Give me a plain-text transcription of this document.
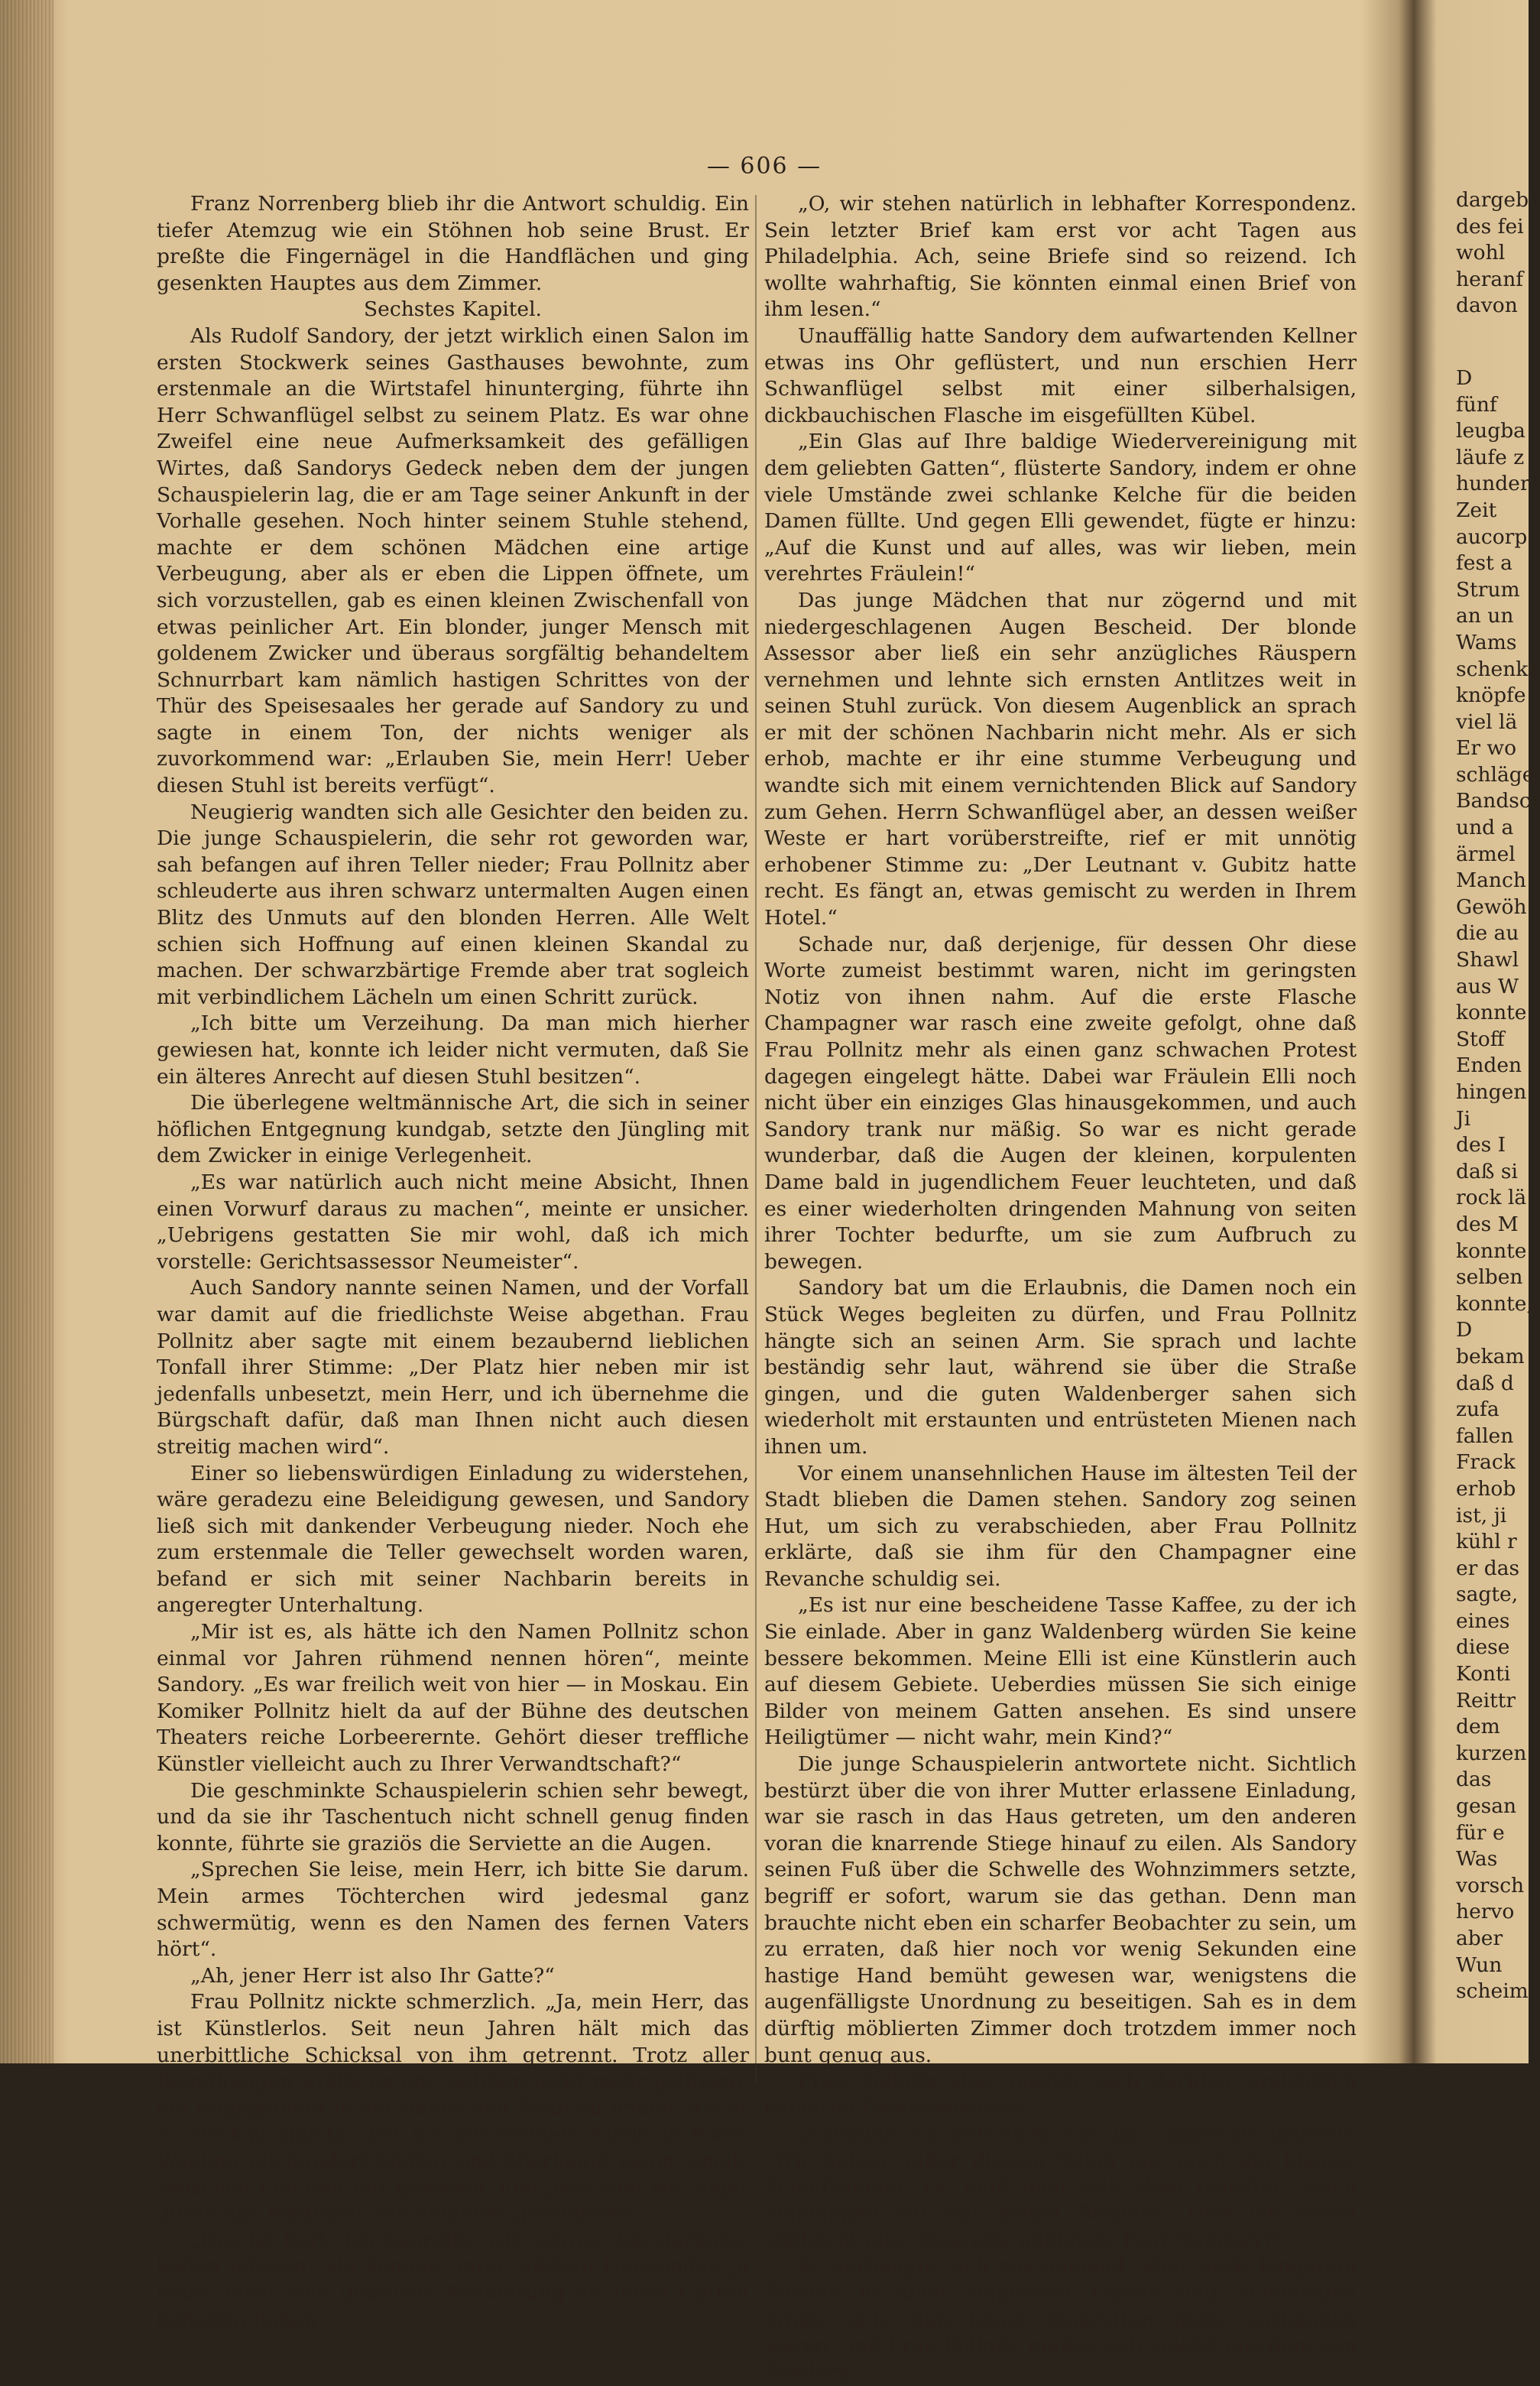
— 606 —

Franz Norrenberg blieb ihr die Antwort schuldig. Ein tiefer Atemzug wie ein Stöhnen hob seine Brust. Er preßte die Fingernägel in die Handflächen und ging gesenkten Hauptes aus dem Zimmer.

Sechstes Kapitel.

Als Rudolf Sandory, der jetzt wirklich einen Salon im ersten Stockwerk seines Gasthauses bewohnte, zum erstenmale an die Wirtstafel hinunterging, führte ihn Herr Schwanflügel selbst zu seinem Platz. Es war ohne Zweifel eine neue Aufmerksamkeit des gefälligen Wirtes, daß Sandorys Gedeck neben dem der jungen Schauspielerin lag, die er am Tage seiner Ankunft in der Vorhalle gesehen. Noch hinter seinem Stuhle stehend, machte er dem schönen Mädchen eine artige Verbeugung, aber als er eben die Lippen öffnete, um sich vorzustellen, gab es einen kleinen Zwischenfall von etwas peinlicher Art. Ein blonder, junger Mensch mit goldenem Zwicker und überaus sorgfältig behandeltem Schnurrbart kam nämlich hastigen Schrittes von der Thür des Speisesaales her gerade auf Sandory zu und sagte in einem Ton, der nichts weniger als zuvorkommend war: „Erlauben Sie, mein Herr! Ueber diesen Stuhl ist bereits verfügt“.

Neugierig wandten sich alle Gesichter den beiden zu. Die junge Schauspielerin, die sehr rot geworden war, sah befangen auf ihren Teller nieder; Frau Pollnitz aber schleuderte aus ihren schwarz untermalten Augen einen Blitz des Unmuts auf den blonden Herren. Alle Welt schien sich Hoffnung auf einen kleinen Skandal zu machen. Der schwarzbärtige Fremde aber trat sogleich mit verbindlichem Lächeln um einen Schritt zurück.

„Ich bitte um Verzeihung. Da man mich hierher gewiesen hat, konnte ich leider nicht vermuten, daß Sie ein älteres Anrecht auf diesen Stuhl besitzen“.

Die überlegene weltmännische Art, die sich in seiner höflichen Entgegnung kundgab, setzte den Jüngling mit dem Zwicker in einige Verlegenheit.

„Es war natürlich auch nicht meine Absicht, Ihnen einen Vorwurf daraus zu machen“, meinte er unsicher. „Uebrigens gestatten Sie mir wohl, daß ich mich vorstelle: Gerichtsassessor Neumeister“.

Auch Sandory nannte seinen Namen, und der Vorfall war damit auf die friedlichste Weise abgethan. Frau Pollnitz aber sagte mit einem bezaubernd lieblichen Tonfall ihrer Stimme: „Der Platz hier neben mir ist jedenfalls unbesetzt, mein Herr, und ich übernehme die Bürgschaft dafür, daß man Ihnen nicht auch diesen streitig machen wird“.

Einer so liebenswürdigen Einladung zu widerstehen, wäre geradezu eine Beleidigung gewesen, und Sandory ließ sich mit dankender Verbeugung nieder. Noch ehe zum erstenmale die Teller gewechselt worden waren, befand er sich mit seiner Nachbarin bereits in angeregter Unterhaltung.

„Mir ist es, als hätte ich den Namen Pollnitz schon einmal vor Jahren rühmend nennen hören“, meinte Sandory. „Es war freilich weit von hier — in Moskau. Ein Komiker Pollnitz hielt da auf der Bühne des deutschen Theaters reiche Lorbeerernte. Gehört dieser treffliche Künstler vielleicht auch zu Ihrer Verwandtschaft?“

Die geschminkte Schauspielerin schien sehr bewegt, und da sie ihr Taschentuch nicht schnell genug finden konnte, führte sie graziös die Serviette an die Augen.

„Sprechen Sie leise, mein Herr, ich bitte Sie darum. Mein armes Töchterchen wird jedesmal ganz schwermütig, wenn es den Namen des fernen Vaters hört“.

„Ah, jener Herr ist also Ihr Gatte?“

Frau Pollnitz nickte schmerzlich. „Ja, mein Herr, das ist Künstlerlos. Seit neun Jahren hält mich das unerbittliche Schicksal von ihm getrennt. Trotz aller Bemühungen wollte es uns seitdem nicht mehr gelingen, ein Engagement in der nämlichen Stadt zu finden. Als er in Moskau spielte, war ich mit meinem Kinde in Wien. Weniger als hundert Meilen sind überhaupt kaum jemals zwischen ihm und mir gewesen, und jetzt sind wir sogar durch das Weltmeer von einander geschieden“.

„Das ist hart. Ich begreife, wie schwer Sie darunter leiden müssen. Sie können unter solchen Umständen ja kaum noch eine deutliche Erinnerung an Ihren Gatten behalten haben“.

„O, wir stehen natürlich in lebhafter Korrespondenz. Sein letzter Brief kam erst vor acht Tagen aus Philadelphia. Ach, seine Briefe sind so reizend. Ich wollte wahrhaftig, Sie könnten einmal einen Brief von ihm lesen.“

Unauffällig hatte Sandory dem aufwartenden Kellner etwas ins Ohr geflüstert, und nun erschien Herr Schwanflügel selbst mit einer silberhalsigen, dickbauchischen Flasche im eisgefüllten Kübel.

„Ein Glas auf Ihre baldige Wiedervereinigung mit dem geliebten Gatten“, flüsterte Sandory, indem er ohne viele Umstände zwei schlanke Kelche für die beiden Damen füllte. Und gegen Elli gewendet, fügte er hinzu: „Auf die Kunst und auf alles, was wir lieben, mein verehrtes Fräulein!“

Das junge Mädchen that nur zögernd und mit niedergeschlagenen Augen Bescheid. Der blonde Assessor aber ließ ein sehr anzügliches Räuspern vernehmen und lehnte sich ernsten Antlitzes weit in seinen Stuhl zurück. Von diesem Augenblick an sprach er mit der schönen Nachbarin nicht mehr. Als er sich erhob, machte er ihr eine stumme Verbeugung und wandte sich mit einem vernichtenden Blick auf Sandory zum Gehen. Herrn Schwanflügel aber, an dessen weißer Weste er hart vorüberstreifte, rief er mit unnötig erhobener Stimme zu: „Der Leutnant v. Gubitz hatte recht. Es fängt an, etwas gemischt zu werden in Ihrem Hotel.“

Schade nur, daß derjenige, für dessen Ohr diese Worte zumeist bestimmt waren, nicht im geringsten Notiz von ihnen nahm. Auf die erste Flasche Champagner war rasch eine zweite gefolgt, ohne daß Frau Pollnitz mehr als einen ganz schwachen Protest dagegen eingelegt hätte. Dabei war Fräulein Elli noch nicht über ein einziges Glas hinausgekommen, und auch Sandory trank nur mäßig. So war es nicht gerade wunderbar, daß die Augen der kleinen, korpulenten Dame bald in jugendlichem Feuer leuchteten, und daß es einer wiederholten dringenden Mahnung von seiten ihrer Tochter bedurfte, um sie zum Aufbruch zu bewegen.

Sandory bat um die Erlaubnis, die Damen noch ein Stück Weges begleiten zu dürfen, und Frau Pollnitz hängte sich an seinen Arm. Sie sprach und lachte beständig sehr laut, während sie über die Straße gingen, und die guten Waldenberger sahen sich wiederholt mit erstaunten und entrüsteten Mienen nach ihnen um.

Vor einem unansehnlichen Hause im ältesten Teil der Stadt blieben die Damen stehen. Sandory zog seinen Hut, um sich zu verabschieden, aber Frau Pollnitz erklärte, daß sie ihm für den Champagner eine Revanche schuldig sei.

„Es ist nur eine bescheidene Tasse Kaffee, zu der ich Sie einlade. Aber in ganz Waldenberg würden Sie keine bessere bekommen. Meine Elli ist eine Künstlerin auch auf diesem Gebiete. Ueberdies müssen Sie sich einige Bilder von meinem Gatten ansehen. Es sind unsere Heiligtümer — nicht wahr, mein Kind?“

Die junge Schauspielerin antwortete nicht. Sichtlich bestürzt über die von ihrer Mutter erlassene Einladung, war sie rasch in das Haus getreten, um den anderen voran die knarrende Stiege hinauf zu eilen. Als Sandory seinen Fuß über die Schwelle des Wohnzimmers setzte, begriff er sofort, warum sie das gethan. Denn man brauchte nicht eben ein scharfer Beobachter zu sein, um zu erraten, daß hier noch vor wenig Sekunden eine hastige Hand bemüht gewesen war, wenigstens die augenfälligste Unordnung zu beseitigen. Sah es in dem dürftig möblierten Zimmer doch trotzdem immer noch bunt genug aus.

Frau Pollnitz aber machte sich darüber ersichtlich keinerlei Gewissensbisse.

„Schauen Sie sich nicht viel um“, sagte sie lachend. „Wir haben außer diesem Salon nur noch ein kleines Schlafzimmer. Da muß man sich eben behelfen. Auch empfangen wir nur selten Besuche. Darf ich Ihnen vielleicht eine Zigarette anbieten, Herr Sandory?“

Er verbeugte sich zustimmend, aber nach längerem Suchen in allen möglichen Kästen und Schubladen ergab sich, daß keine Zigaretten mehr vorhanden waren, und Frau Pollnitz mußte sich zuletzt aus dem von Sandory

dargeb
des fei
wohl
heranf
davon
D
fünf
leugba
läufe z
hunder
Zeit
aucorp
fest a
Strum
an un
Wams
schenke
knöpfe
viel lä
Er wo
schläge
Bandsc
und a
ärmel
Manch
Gewöh
die au
Shawl
aus W
konnte
Stoff
Enden
hingen
Ji
des I
daß si
rock lä
des M
konnte
selben
konnte,
D
bekam
daß d
zufa
fallen
Frack
erhob
ist, ji
kühl r
er das
sagte,
eines
diese
Konti
Reittr
dem
kurzen
das
gesan
für e
Was
vorsch
hervo
aber
Wun
scheim
